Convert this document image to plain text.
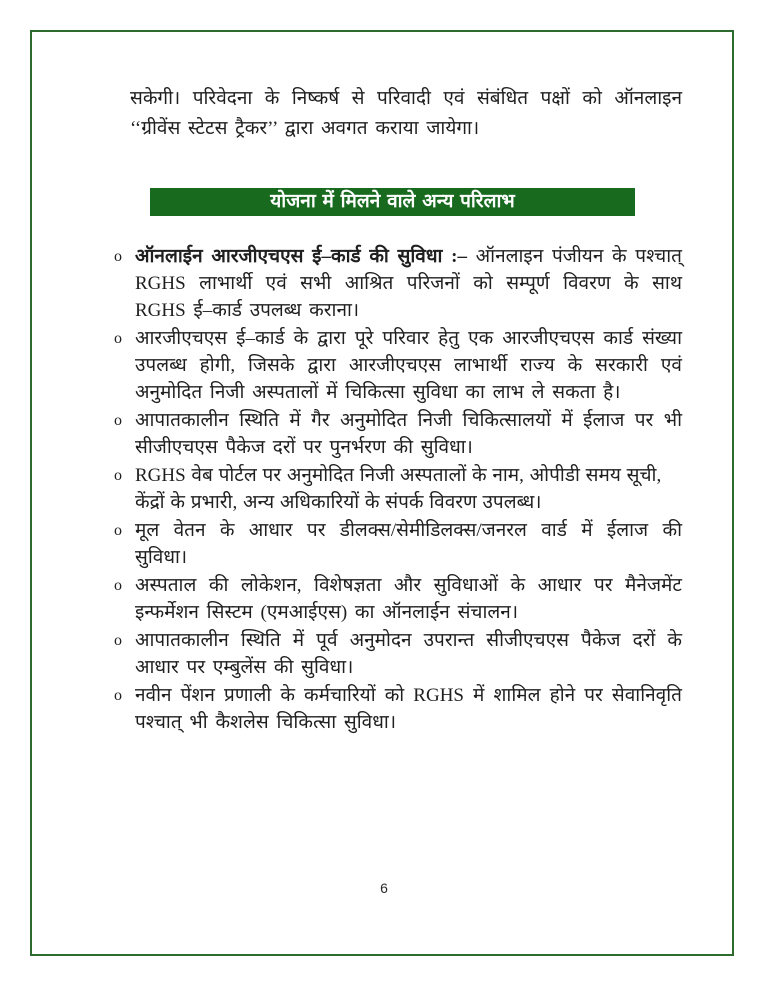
सकेगी। परिवेदना के निष्कर्ष से परिवादी एवं संबंधित पक्षों को ऑनलाइन ‘‘ग्रीवेंस स्टेटस ट्रैकर’’ द्वारा अवगत कराया जायेगा।

योजना में मिलने वाले अन्य परिलाभ
o ऑनलाईन आरजीएचएस ई–कार्ड की सुविधा :– ऑनलाइन पंजीयन के पश्चात् RGHS लाभार्थी एवं सभी आश्रित परिजनों को सम्पूर्ण विवरण के साथ RGHS ई–कार्ड उपलब्ध कराना।
o आरजीएचएस ई–कार्ड के द्वारा पूरे परिवार हेतु एक आरजीएचएस कार्ड संख्या उपलब्ध होगी, जिसके द्वारा आरजीएचएस लाभार्थी राज्य के सरकारी एवं अनुमोदित निजी अस्पतालों में चिकित्सा सुविधा का लाभ ले सकता है।
o आपातकालीन स्थिति में गैर अनुमोदित निजी चिकित्सालयों में ईलाज पर भी सीजीएचएस पैकेज दरों पर पुनर्भरण की सुविधा।
o RGHS वेब पोर्टल पर अनुमोदित निजी अस्पतालों के नाम, ओपीडी समय सूची, केंद्रों के प्रभारी, अन्य अधिकारियों के संपर्क विवरण उपलब्ध।
o मूल वेतन के आधार पर डीलक्स/सेमीडिलक्स/जनरल वार्ड में ईलाज की सुविधा।
o अस्पताल की लोकेशन, विशेषज्ञता और सुविधाओं के आधार पर मैनेजमेंट इन्फर्मेशन सिस्टम (एमआईएस) का ऑनलाईन संचालन।
o आपातकालीन स्थिति में पूर्व अनुमोदन उपरान्त सीजीएचएस पैकेज दरों के आधार पर एम्बुलेंस की सुविधा।
o नवीन पेंशन प्रणाली के कर्मचारियों को RGHS में शामिल होने पर सेवानिवृति पश्चात् भी कैशलेस चिकित्सा सुविधा।
6
